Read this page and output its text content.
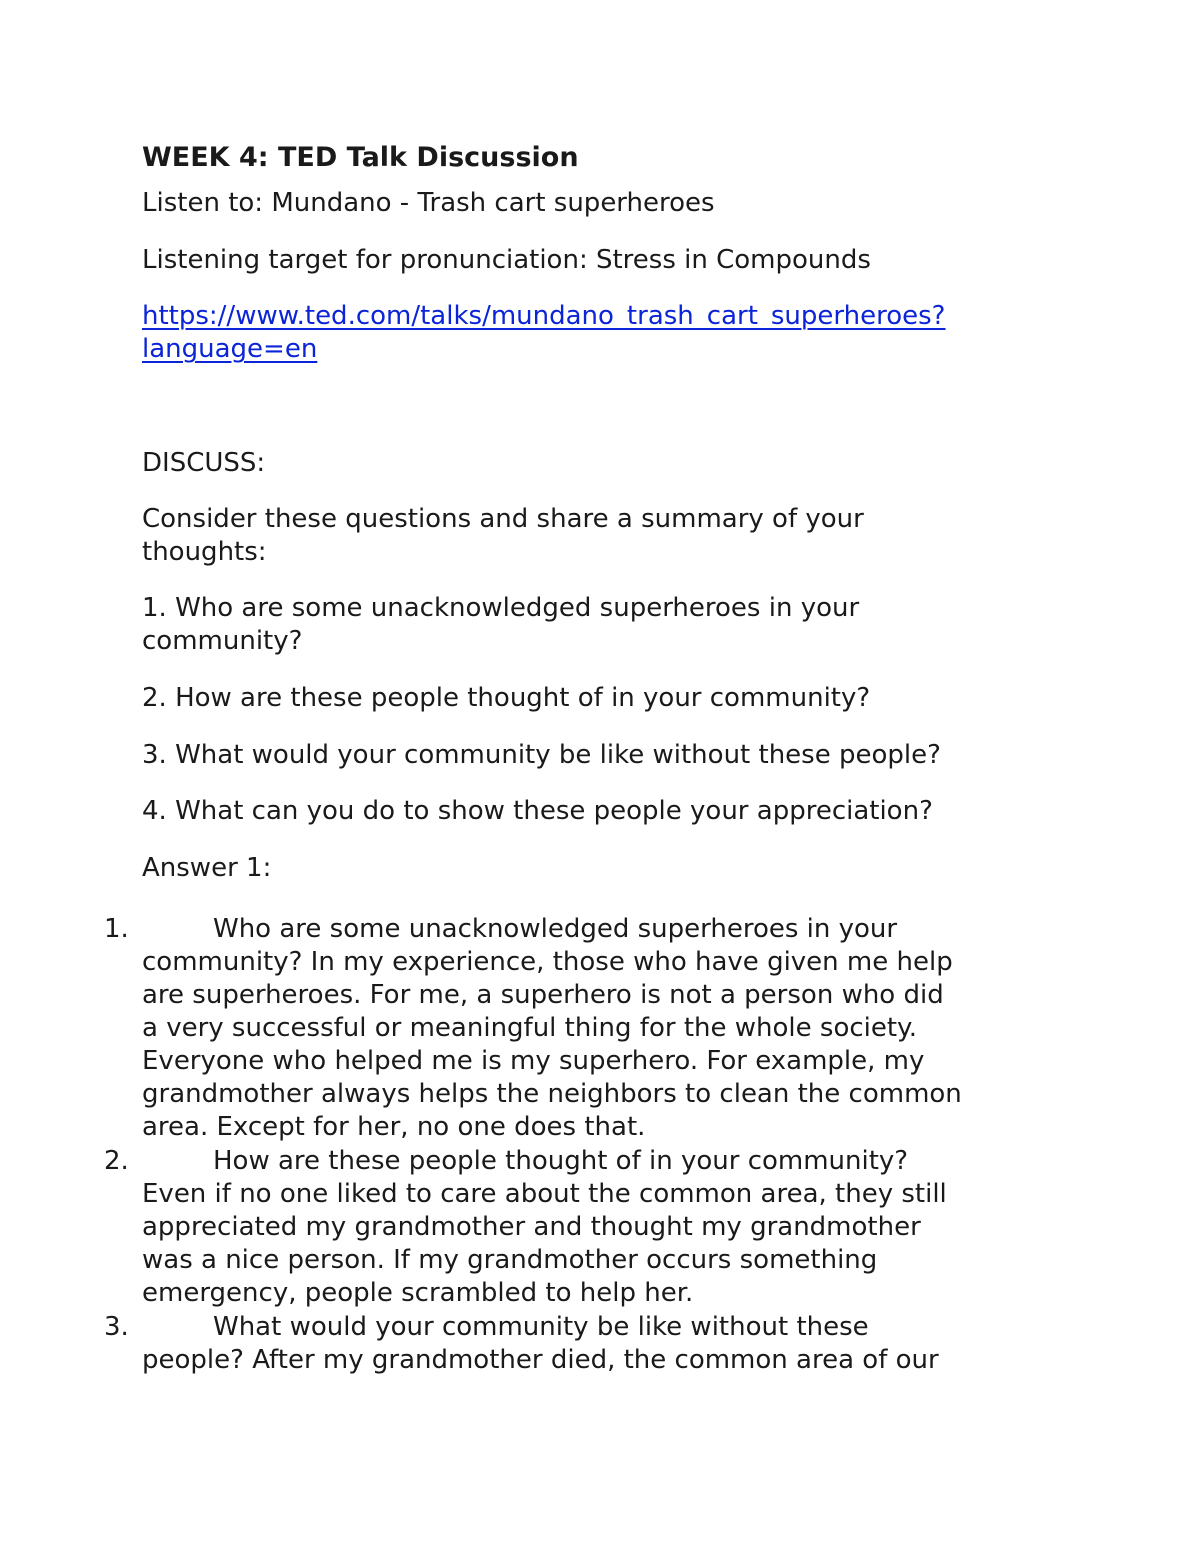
WEEK 4: TED Talk Discussion
Listen to: Mundano - Trash cart superheroes
Listening target for pronunciation: Stress in Compounds
https://www.ted.com/talks/mundano_trash_cart_superheroes?
language=en
DISCUSS:
Consider these questions and share a summary of your
thoughts:
1. Who are some unacknowledged superheroes in your
community?
2. How are these people thought of in your community?
3. What would your community be like without these people?
4. What can you do to show these people your appreciation?
Answer 1:
1.	Who are some unacknowledged superheroes in your
community? In my experience, those who have given me help
are superheroes. For me, a superhero is not a person who did
a very successful or meaningful thing for the whole society.
Everyone who helped me is my superhero. For example, my
grandmother always helps the neighbors to clean the common
area. Except for her, no one does that.
2.	How are these people thought of in your community?
Even if no one liked to care about the common area, they still
appreciated my grandmother and thought my grandmother
was a nice person. If my grandmother occurs something
emergency, people scrambled to help her.
3.	What would your community be like without these
people? After my grandmother died, the common area of our
